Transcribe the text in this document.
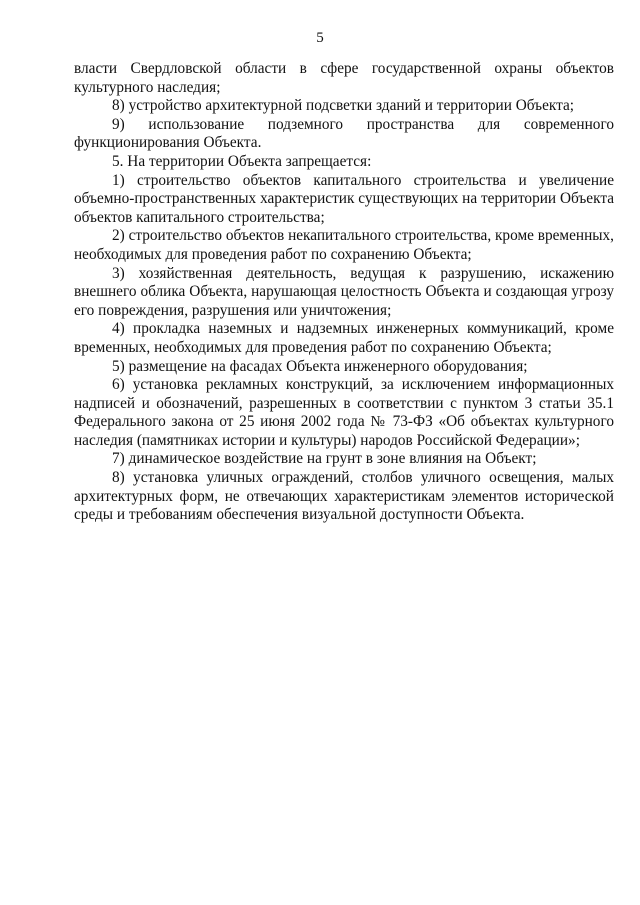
5

власти Свердловской области в сфере государственной охраны объектов культурного наследия;

8) устройство архитектурной подсветки зданий и территории Объекта;

9) использование подземного пространства для современного функционирования Объекта.

5. На территории Объекта запрещается:

1) строительство объектов капитального строительства и увеличение объемно-пространственных характеристик существующих на территории Объекта объектов капитального строительства;

2) строительство объектов некапитального строительства, кроме временных, необходимых для проведения работ по сохранению Объекта;

3) хозяйственная деятельность, ведущая к разрушению, искажению внешнего облика Объекта, нарушающая целостность Объекта и создающая угрозу его повреждения, разрушения или уничтожения;

4) прокладка наземных и надземных инженерных коммуникаций, кроме временных, необходимых для проведения работ по сохранению Объекта;

5) размещение на фасадах Объекта инженерного оборудования;

6) установка рекламных конструкций, за исключением информационных надписей и обозначений, разрешенных в соответствии с пунктом 3 статьи 35.1 Федерального закона от 25 июня 2002 года № 73-ФЗ «Об объектах культурного наследия (памятниках истории и культуры) народов Российской Федерации»;

7) динамическое воздействие на грунт в зоне влияния на Объект;

8) установка уличных ограждений, столбов уличного освещения, малых архитектурных форм, не отвечающих характеристикам элементов исторической среды и требованиям обеспечения визуальной доступности Объекта.
